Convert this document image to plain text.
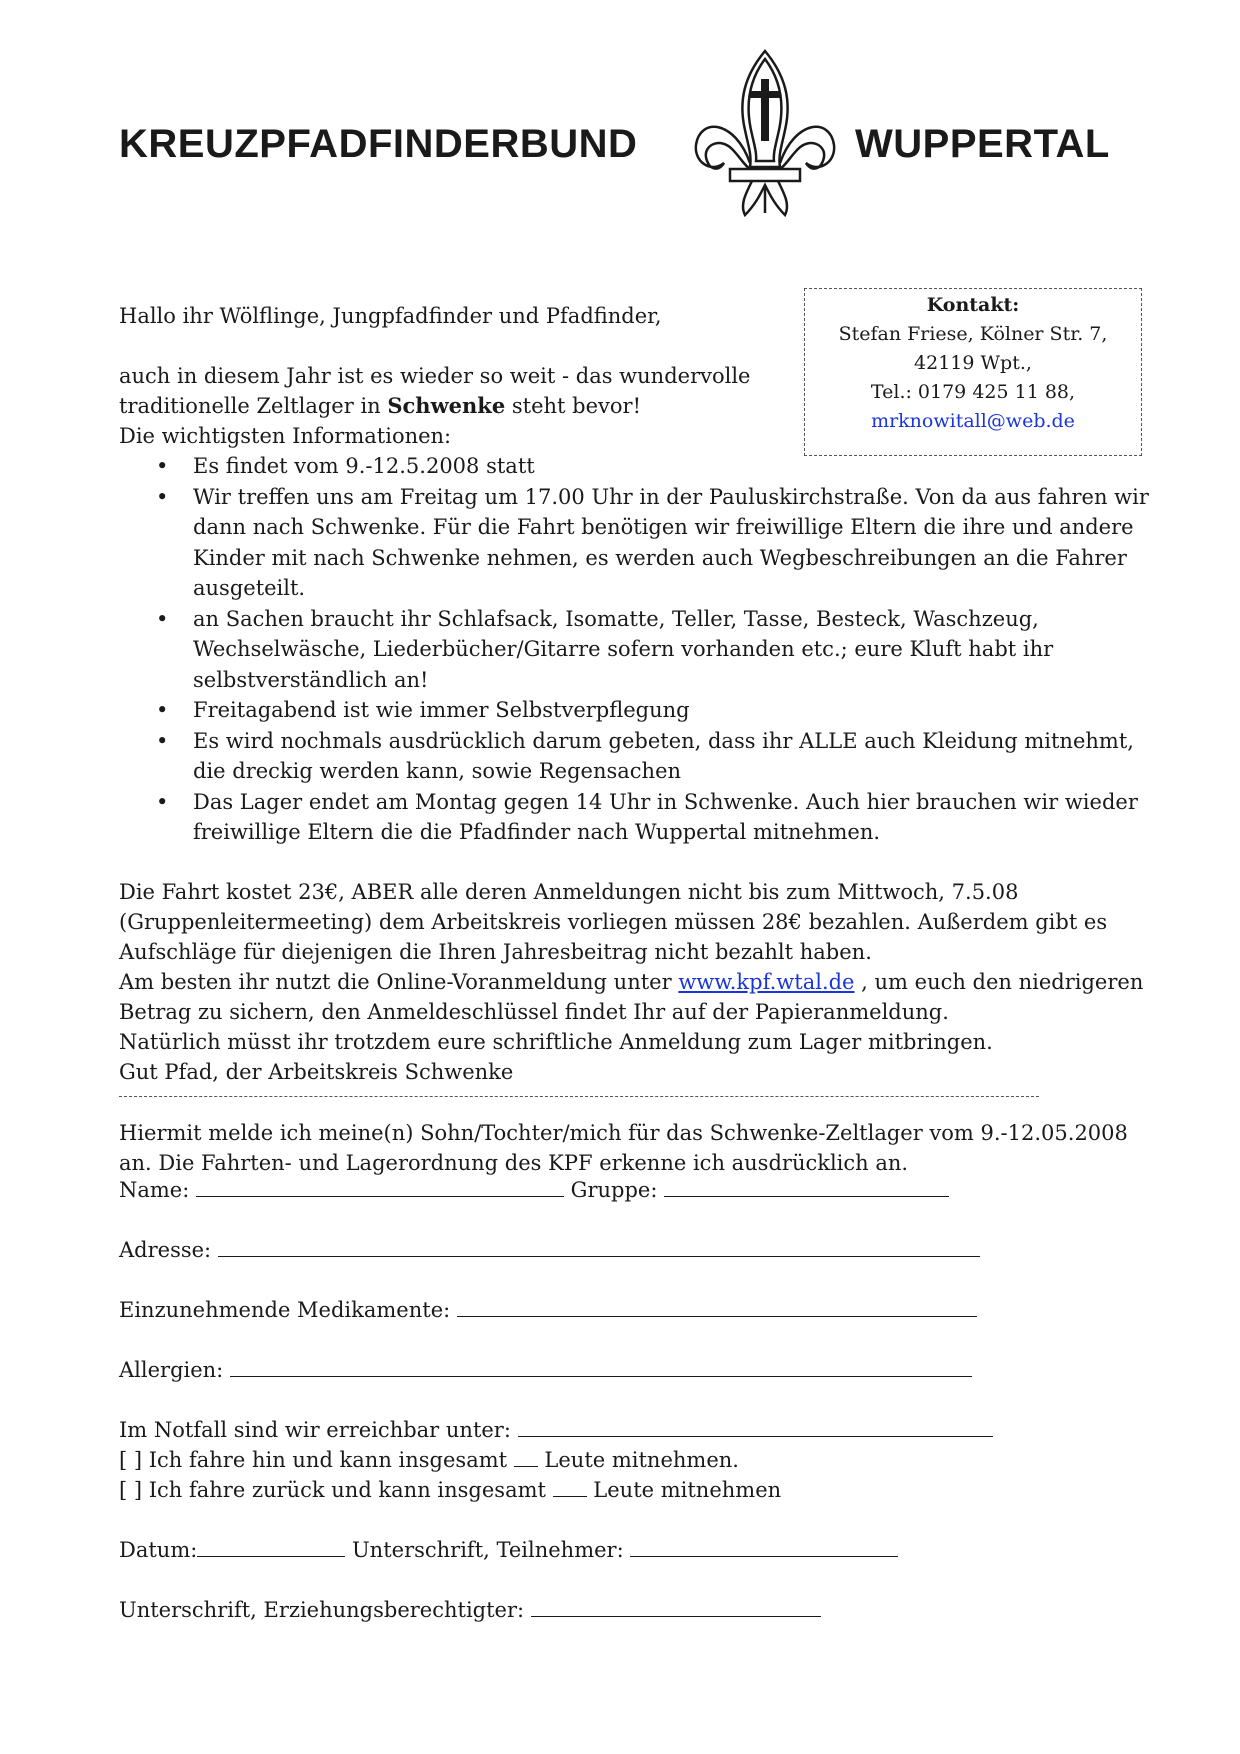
KREUZPFADFINDERBUND	WUPPERTAL
Kontakt:
Stefan Friese, Kölner Str. 7,
42119 Wpt.,
Tel.: 0179 425 11 88,
mrknowitall@web.de
Hallo ihr Wölflinge, Jungpfadfinder und Pfadfinder,
auch in diesem Jahr ist es wieder so weit - das wundervolle traditionelle Zeltlager in Schwenke steht bevor!
Die wichtigsten Informationen:
• Es findet vom 9.-12.5.2008 statt
• Wir treffen uns am Freitag um 17.00 Uhr in der Pauluskirchstraße. Von da aus fahren wir dann nach Schwenke. Für die Fahrt benötigen wir freiwillige Eltern die ihre und andere Kinder mit nach Schwenke nehmen, es werden auch Wegbeschreibungen an die Fahrer ausgeteilt.
• an Sachen braucht ihr Schlafsack, Isomatte, Teller, Tasse, Besteck, Waschzeug, Wechselwäsche, Liederbücher/Gitarre sofern vorhanden etc.; eure Kluft habt ihr selbstverständlich an!
• Freitagabend ist wie immer Selbstverpflegung
• Es wird nochmals ausdrücklich darum gebeten, dass ihr ALLE auch Kleidung mitnehmt, die dreckig werden kann, sowie Regensachen
• Das Lager endet am Montag gegen 14 Uhr in Schwenke. Auch hier brauchen wir wieder freiwillige Eltern die die Pfadfinder nach Wuppertal mitnehmen.
Die Fahrt kostet 23€, ABER alle deren Anmeldungen nicht bis zum Mittwoch, 7.5.08 (Gruppenleitermeeting) dem Arbeitskreis vorliegen müssen 28€ bezahlen. Außerdem gibt es Aufschläge für diejenigen die Ihren Jahresbeitrag nicht bezahlt haben.
Am besten ihr nutzt die Online-Voranmeldung unter www.kpf.wtal.de , um euch den niedrigeren Betrag zu sichern, den Anmeldeschlüssel findet Ihr auf der Papieranmeldung.
Natürlich müsst ihr trotzdem eure schriftliche Anmeldung zum Lager mitbringen.
Gut Pfad, der Arbeitskreis Schwenke
Hiermit melde ich meine(n) Sohn/Tochter/mich für das Schwenke-Zeltlager vom 9.-12.05.2008 an. Die Fahrten- und Lagerordnung des KPF erkenne ich ausdrücklich an.
Name:	Gruppe:
Adresse:
Einzunehmende Medikamente:
Allergien:
Im Notfall sind wir erreichbar unter:
[ ] Ich fahre hin und kann insgesamt  Leute mitnehmen.
[ ] Ich fahre zurück und kann insgesamt  Leute mitnehmen
Datum:	Unterschrift, Teilnehmer:
Unterschrift, Erziehungsberechtigter:
